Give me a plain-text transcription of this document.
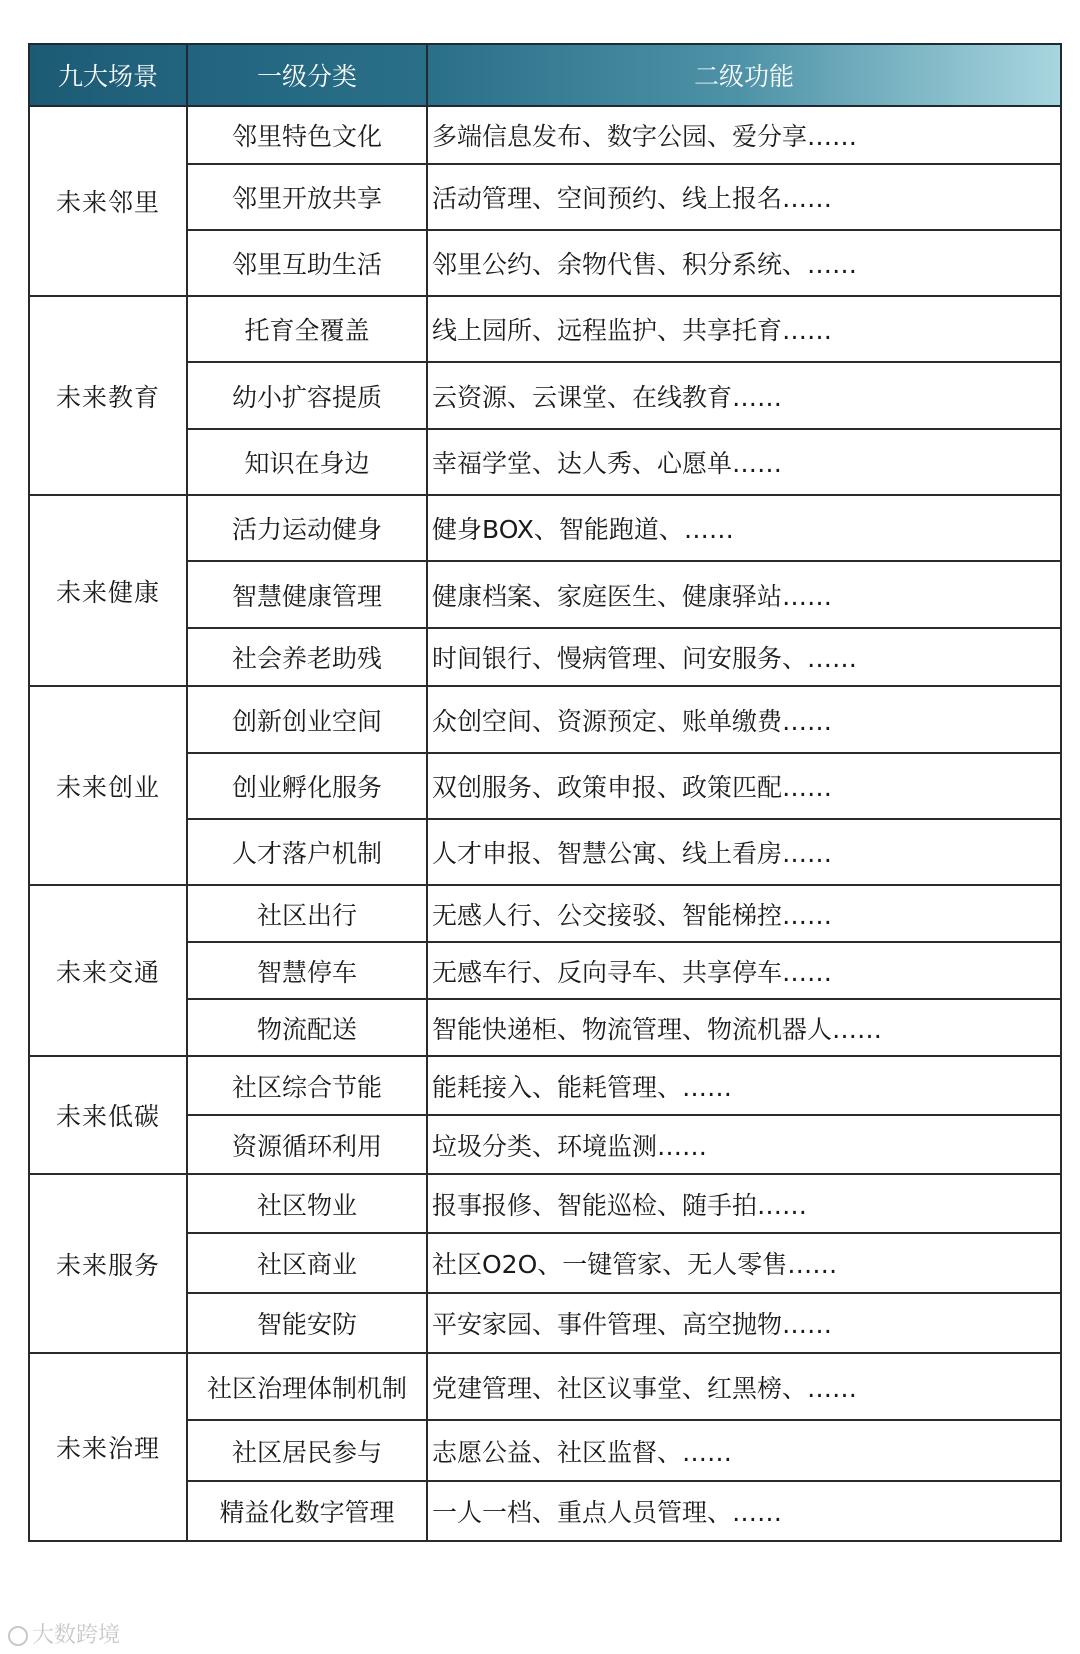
九大场景	一级分类	二级功能
未来邻里	邻里特色文化	多端信息发布、数字公园、爱分享……
	邻里开放共享	活动管理、空间预约、线上报名……
	邻里互助生活	邻里公约、余物代售、积分系统、……
未来教育	托育全覆盖	线上园所、远程监护、共享托育……
	幼小扩容提质	云资源、云课堂、在线教育……
	知识在身边	幸福学堂、达人秀、心愿单……
未来健康	活力运动健身	健身BOX、智能跑道、……
	智慧健康管理	健康档案、家庭医生、健康驿站……
	社会养老助残	时间银行、慢病管理、问安服务、……
未来创业	创新创业空间	众创空间、资源预定、账单缴费……
	创业孵化服务	双创服务、政策申报、政策匹配……
	人才落户机制	人才申报、智慧公寓、线上看房……
未来交通	社区出行	无感人行、公交接驳、智能梯控……
	智慧停车	无感车行、反向寻车、共享停车……
	物流配送	智能快递柜、物流管理、物流机器人……
未来低碳	社区综合节能	能耗接入、能耗管理、……
	资源循环利用	垃圾分类、环境监测……
未来服务	社区物业	报事报修、智能巡检、随手拍……
	社区商业	社区O2O、一键管家、无人零售……
	智能安防	平安家园、事件管理、高空抛物……
未来治理	社区治理体制机制	党建管理、社区议事堂、红黑榜、……
	社区居民参与	志愿公益、社区监督、……
	精益化数字管理	一人一档、重点人员管理、……
大数跨境
